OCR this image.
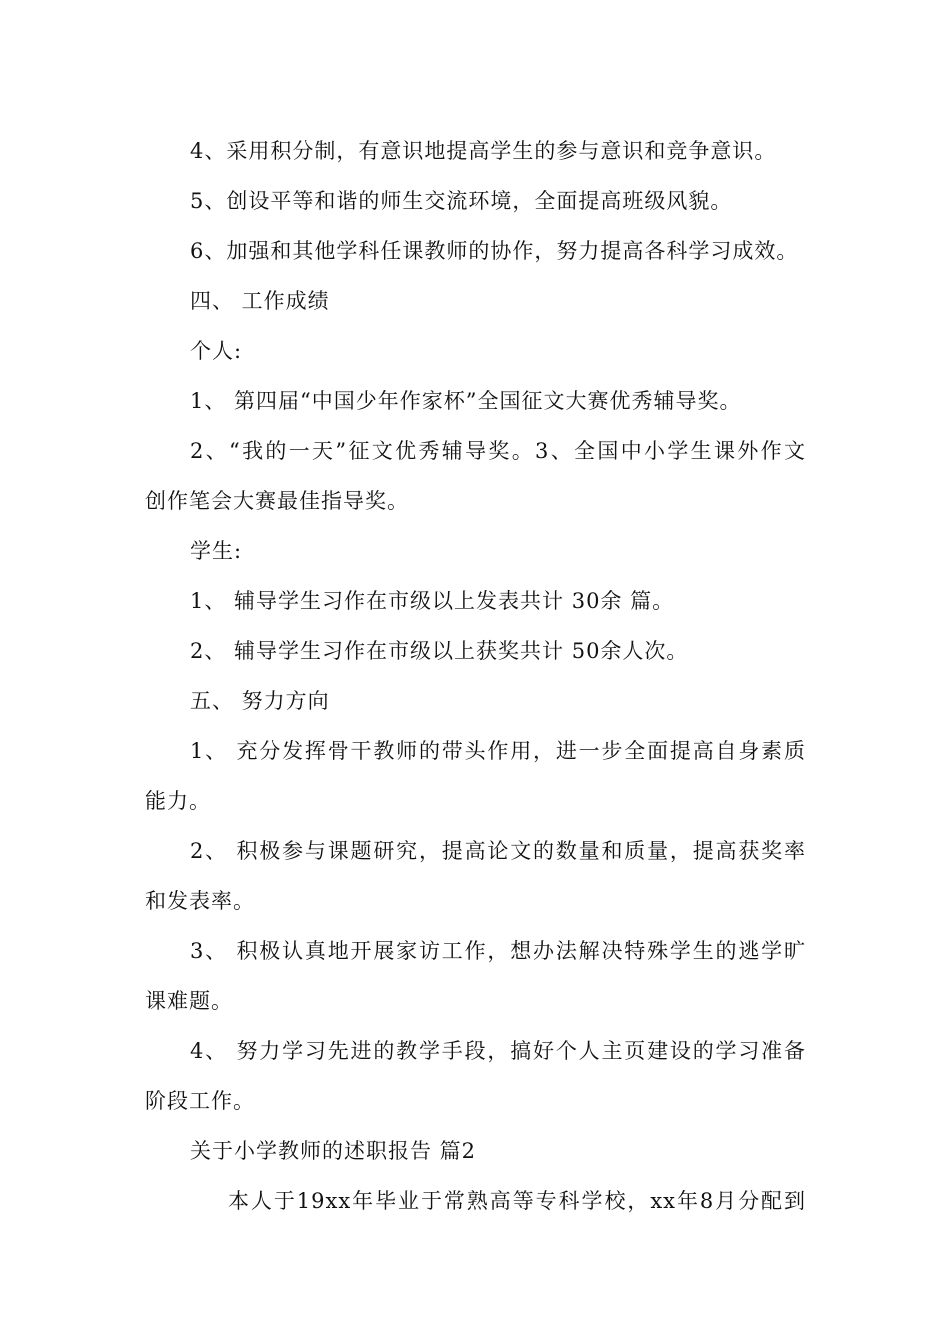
4、采用积分制，有意识地提高学生的参与意识和竞争意识。
5、创设平等和谐的师生交流环境，全面提高班级风貌。
6、加强和其他学科任课教师的协作，努力提高各科学习成效。
四、 工作成绩
个人:
1、 第四届“中国少年作家杯”全国征文大赛优秀辅导奖。
2、“我的一天”征文优秀辅导奖。3、全国中小学生课外作文
创作笔会大赛最佳指导奖。
学生:
1、 辅导学生习作在市级以上发表共计 30余 篇。
2、 辅导学生习作在市级以上获奖共计 50余人次。
五、 努力方向
1、 充分发挥骨干教师的带头作用，进一步全面提高自身素质
能力。
2、 积极参与课题研究，提高论文的数量和质量，提高获奖率
和发表率。
3、 积极认真地开展家访工作，想办法解决特殊学生的逃学旷
课难题。
4、 努力学习先进的教学手段，搞好个人主页建设的学习准备
阶段工作。
关于小学教师的述职报告 篇2
本人于19xx年毕业于常熟高等专科学校，xx年8月分配到
